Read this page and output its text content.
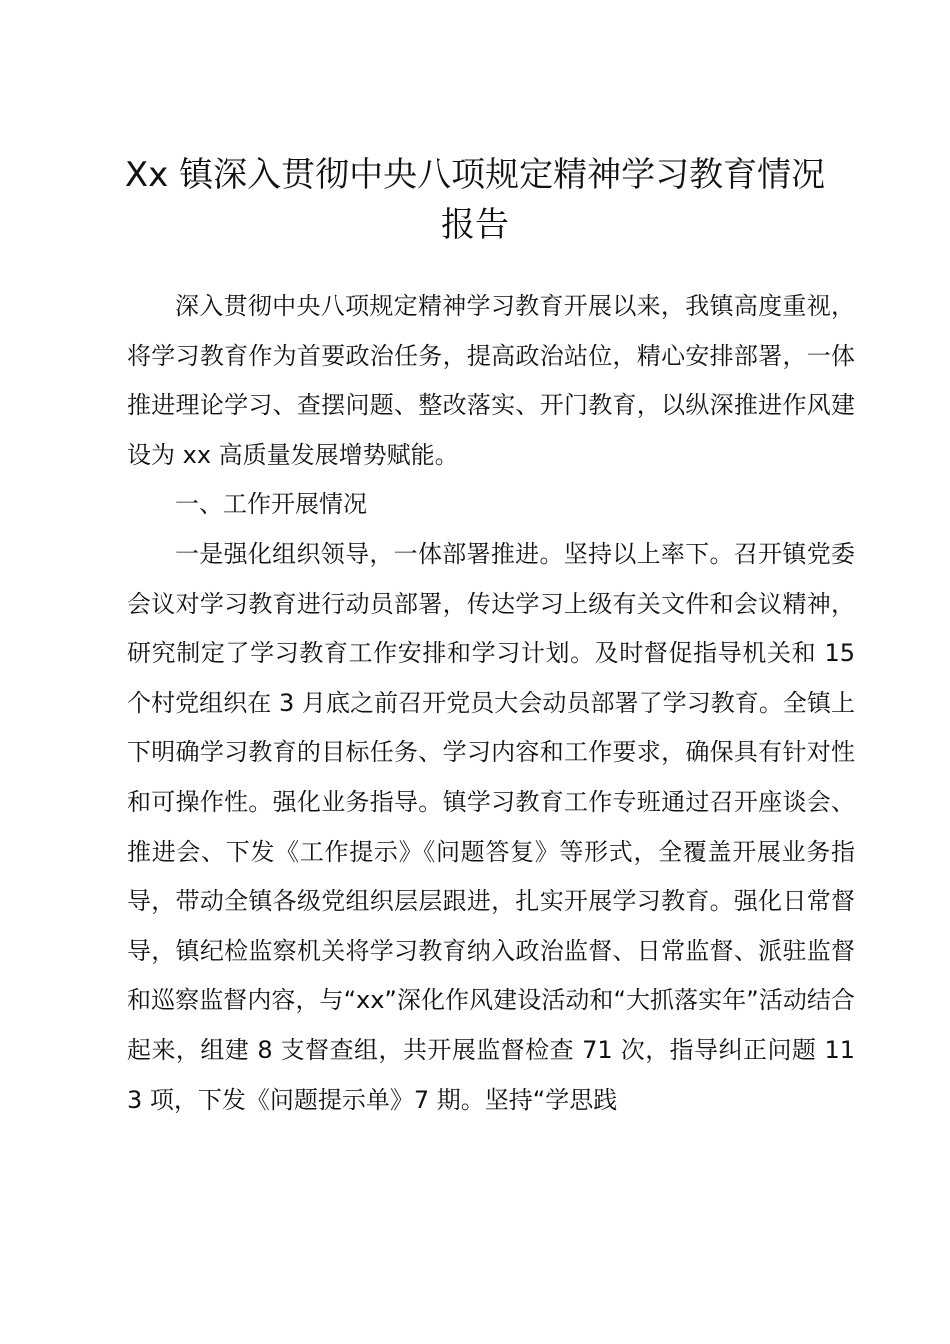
Xx 镇深入贯彻中央八项规定精神学习教育情况报告

深入贯彻中央八项规定精神学习教育开展以来，我镇高度重视，将学习教育作为首要政治任务，提高政治站位，精心安排部署，一体推进理论学习、查摆问题、整改落实、开门教育，以纵深推进作风建设为 xx 高质量发展增势赋能。

一、工作开展情况

一是强化组织领导，一体部署推进。坚持以上率下。召开镇党委会议对学习教育进行动员部署，传达学习上级有关文件和会议精神，研究制定了学习教育工作安排和学习计划。及时督促指导机关和 15 个村党组织在 3 月底之前召开党员大会动员部署了学习教育。全镇上下明确学习教育的目标任务、学习内容和工作要求，确保具有针对性和可操作性。强化业务指导。镇学习教育工作专班通过召开座谈会、推进会、下发《工作提示》《问题答复》等形式，全覆盖开展业务指导，带动全镇各级党组织层层跟进，扎实开展学习教育。强化日常督导，镇纪检监察机关将学习教育纳入政治监督、日常监督、派驻监督和巡察监督内容，与“xx”深化作风建设活动和“大抓落实年”活动结合起来，组建 8 支督查组，共开展监督检查 71 次，指导纠正问题 113 项，下发《问题提示单》7 期。坚持“学思践
